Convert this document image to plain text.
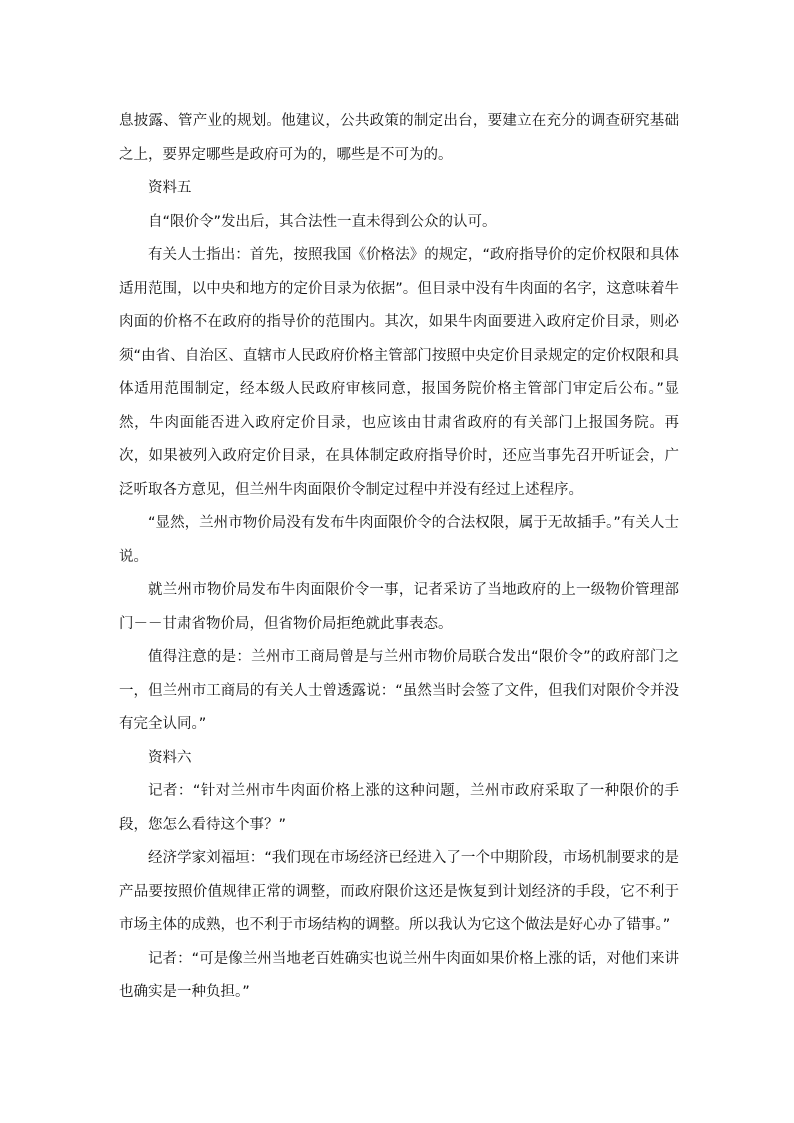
息披露、管产业的规划。他建议，公共政策的制定出台，要建立在充分的调查研究基础之上，要界定哪些是政府可为的，哪些是不可为的。

资料五

自“限价令”发出后，其合法性一直未得到公众的认可。

有关人士指出：首先，按照我国《价格法》的规定，“政府指导价的定价权限和具体适用范围，以中央和地方的定价目录为依据”。但目录中没有牛肉面的名字，这意味着牛肉面的价格不在政府的指导价的范围内。其次，如果牛肉面要进入政府定价目录，则必须“由省、自治区、直辖市人民政府价格主管部门按照中央定价目录规定的定价权限和具体适用范围制定，经本级人民政府审核同意，报国务院价格主管部门审定后公布。”显然，牛肉面能否进入政府定价目录，也应该由甘肃省政府的有关部门上报国务院。再次，如果被列入政府定价目录，在具体制定政府指导价时，还应当事先召开听证会，广泛听取各方意见，但兰州牛肉面限价令制定过程中并没有经过上述程序。

“显然，兰州市物价局没有发布牛肉面限价令的合法权限，属于无故插手。”有关人士说。

就兰州市物价局发布牛肉面限价令一事，记者采访了当地政府的上一级物价管理部门－－甘肃省物价局，但省物价局拒绝就此事表态。

值得注意的是：兰州市工商局曾是与兰州市物价局联合发出“限价令”的政府部门之一，但兰州市工商局的有关人士曾透露说：“虽然当时会签了文件，但我们对限价令并没有完全认同。”

资料六

记者：“针对兰州市牛肉面价格上涨的这种问题，兰州市政府采取了一种限价的手段，您怎么看待这个事？”

经济学家刘福垣：“我们现在市场经济已经进入了一个中期阶段，市场机制要求的是产品要按照价值规律正常的调整，而政府限价这还是恢复到计划经济的手段，它不利于市场主体的成熟，也不利于市场结构的调整。所以我认为它这个做法是好心办了错事。”

记者：“可是像兰州当地老百姓确实也说兰州牛肉面如果价格上涨的话，对他们来讲也确实是一种负担。”
